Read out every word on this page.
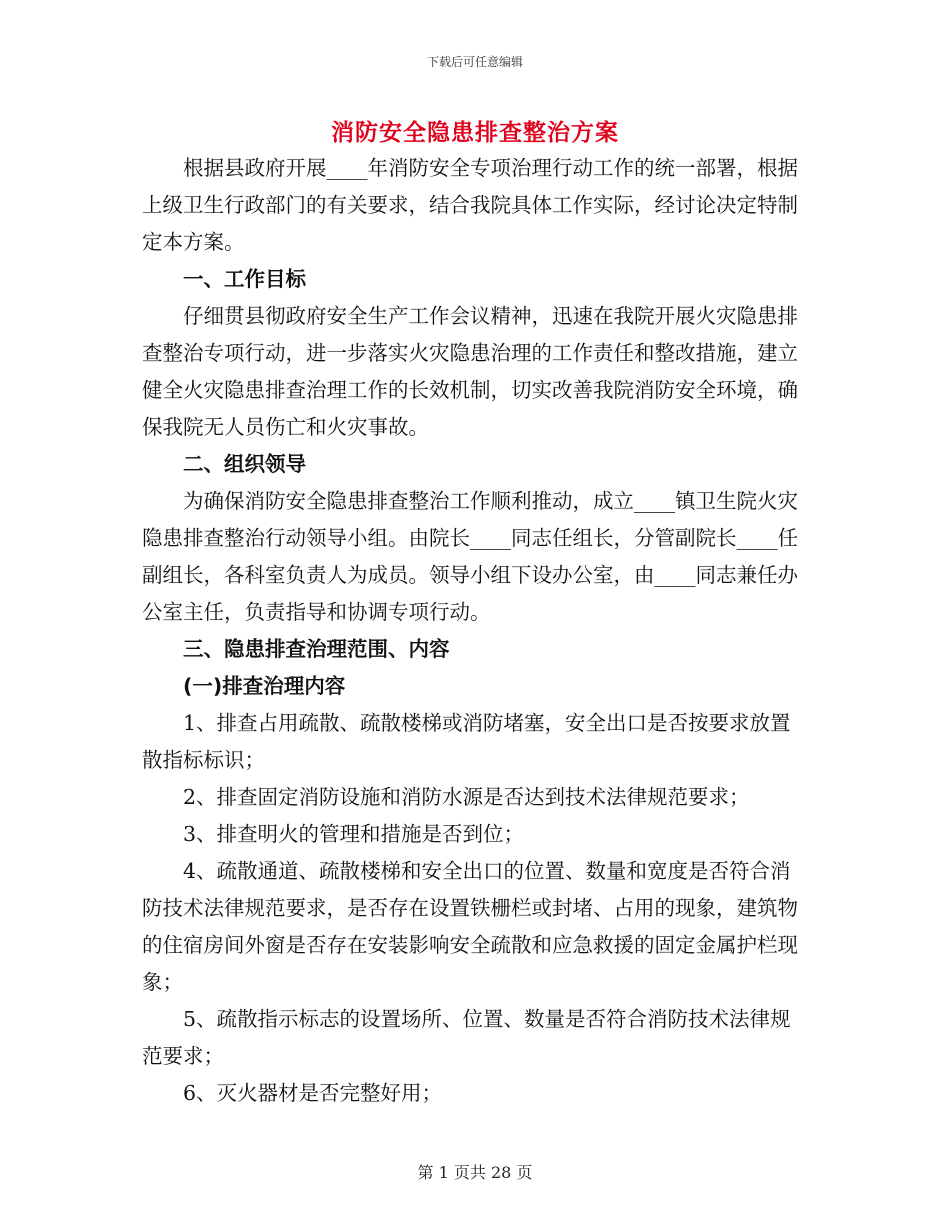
下载后可任意编辑
消防安全隐患排查整治方案

根据县政府开展____年消防安全专项治理行动工作的统一部署，根据上级卫生行政部门的有关要求，结合我院具体工作实际，经讨论决定特制定本方案。

一、工作目标

仔细贯县彻政府安全生产工作会议精神，迅速在我院开展火灾隐患排查整治专项行动，进一步落实火灾隐患治理的工作责任和整改措施，建立健全火灾隐患排查治理工作的长效机制，切实改善我院消防安全环境，确保我院无人员伤亡和火灾事故。

二、组织领导

为确保消防安全隐患排查整治工作顺利推动，成立____镇卫生院火灾隐患排查整治行动领导小组。由院长____同志任组长，分管副院长____任副组长，各科室负责人为成员。领导小组下设办公室，由____同志兼任办公室主任，负责指导和协调专项行动。

三、隐患排查治理范围、内容

(一)排查治理内容

1、排查占用疏散、疏散楼梯或消防堵塞，安全出口是否按要求放置散指标标识；

2、排查固定消防设施和消防水源是否达到技术法律规范要求；

3、排查明火的管理和措施是否到位；

4、疏散通道、疏散楼梯和安全出口的位置、数量和宽度是否符合消防技术法律规范要求，是否存在设置铁栅栏或封堵、占用的现象，建筑物的住宿房间外窗是否存在安装影响安全疏散和应急救援的固定金属护栏现象；

5、疏散指示标志的设置场所、位置、数量是否符合消防技术法律规范要求；

6、灭火器材是否完整好用；

第 1 页共 28 页
